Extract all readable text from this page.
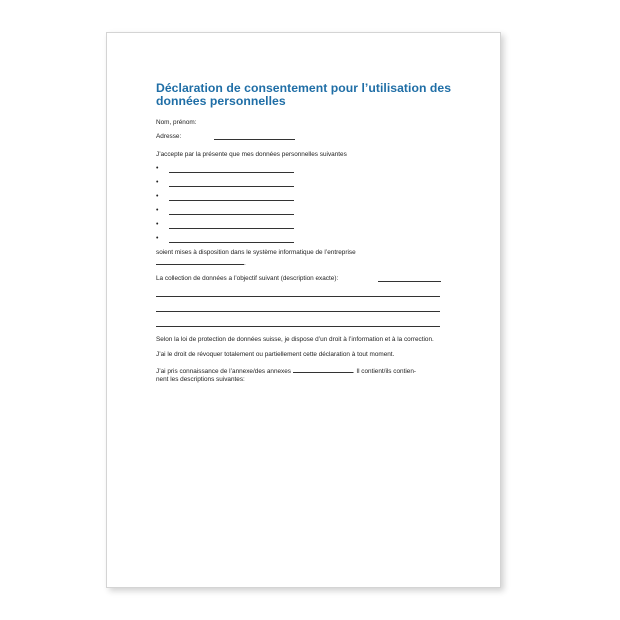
Déclaration de consentement pour l’utilisation des données personnelles
Nom, prénom:
Adresse:

J’accepte par la présente que mes données personnelles suivantes

•
•
•
•
•
•

soient mises à disposition dans le système informatique de l’entreprise

.
La collection de données a l’objectif suivant (description exacte):

Selon la loi de protection de données suisse, je dispose d’un droit à l’information et à la correction.

J’ai le droit de révoquer totalement ou partiellement cette déclaration à tout moment.

J’ai pris connaissance de l’annexe/des annexes	. Il contient/ils contien-
nent les descriptions suivantes:
